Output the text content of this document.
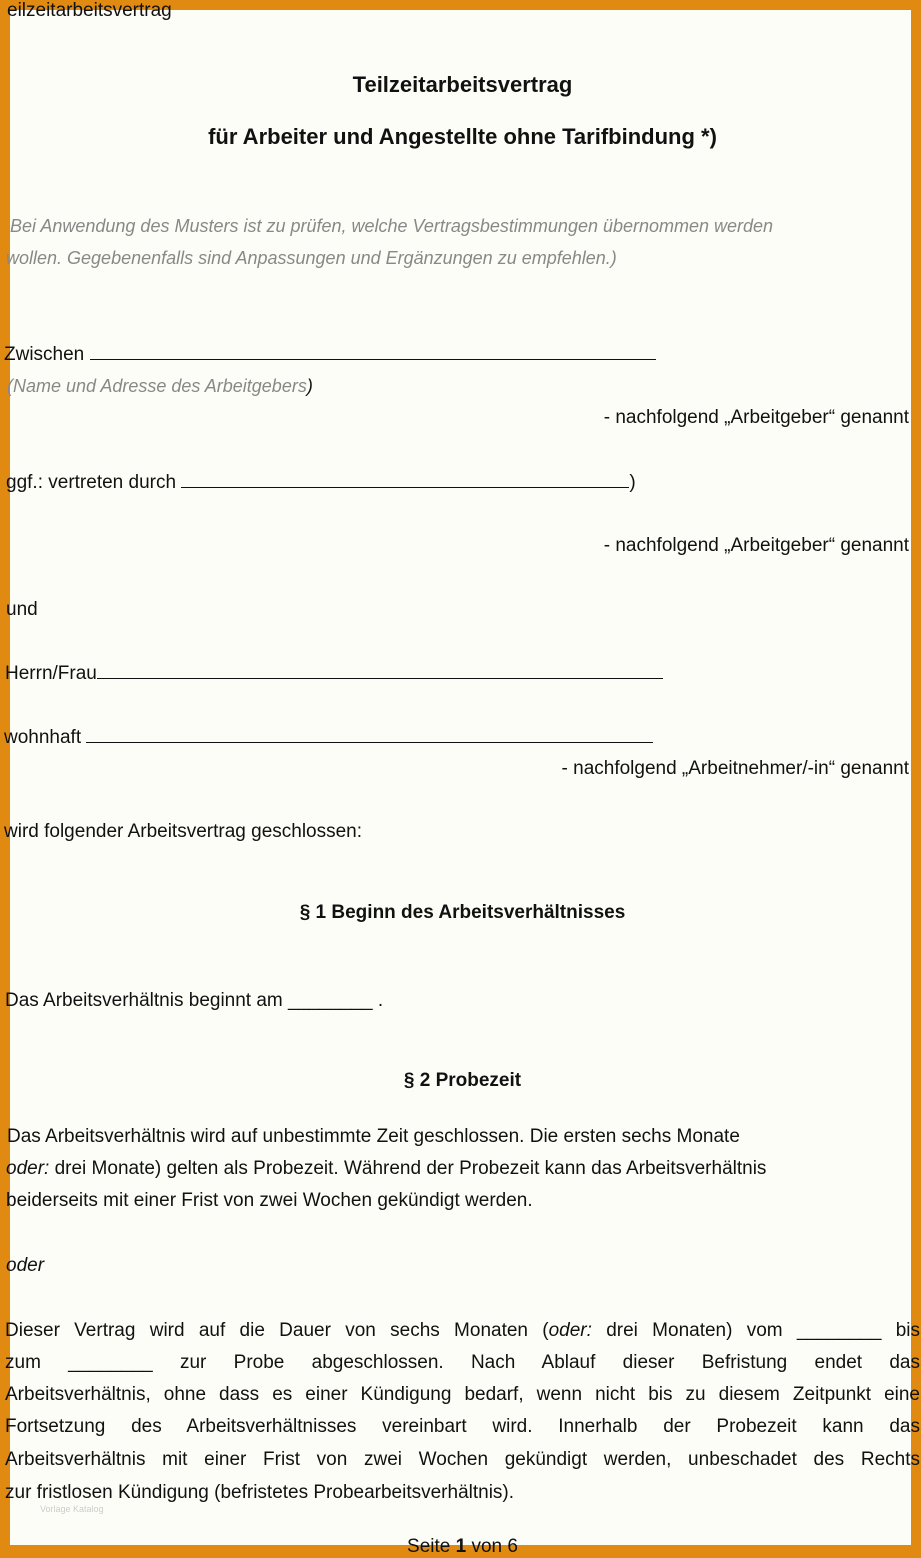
eilzeitarbeitsvertrag
Teilzeitarbeitsvertrag
für Arbeiter und Angestellte ohne Tarifbindung *)
Bei Anwendung des Musters ist zu prüfen, welche Vertragsbestimmungen übernommen werden
wollen. Gegebenenfalls sind Anpassungen und Ergänzungen zu empfehlen.)
Zwischen
(Name und Adresse des Arbeitgebers)
- nachfolgend „Arbeitgeber“ genannt
ggf.: vertreten durch	)
- nachfolgend „Arbeitgeber“ genannt
und
Herrn/Frau
wohnhaft
- nachfolgend „Arbeitnehmer/-in“ genannt
wird folgender Arbeitsvertrag geschlossen:
§ 1 Beginn des Arbeitsverhältnisses
Das Arbeitsverhältnis beginnt am ________ .
§ 2 Probezeit
Das Arbeitsverhältnis wird auf unbestimmte Zeit geschlossen. Die ersten sechs Monate
oder: drei Monate) gelten als Probezeit. Während der Probezeit kann das Arbeitsverhältnis
beiderseits mit einer Frist von zwei Wochen gekündigt werden.
oder
Dieser Vertrag wird auf die Dauer von sechs Monaten (oder: drei Monaten) vom ________ bis
zum ________ zur Probe abgeschlossen. Nach Ablauf dieser Befristung endet das
Arbeitsverhältnis, ohne dass es einer Kündigung bedarf, wenn nicht bis zu diesem Zeitpunkt eine
Fortsetzung des Arbeitsverhältnisses vereinbart wird. Innerhalb der Probezeit kann das
Arbeitsverhältnis mit einer Frist von zwei Wochen gekündigt werden, unbeschadet des Rechts
zur fristlosen Kündigung (befristetes Probearbeitsverhältnis).
Vorlage Katalog
Seite 1 von 6
